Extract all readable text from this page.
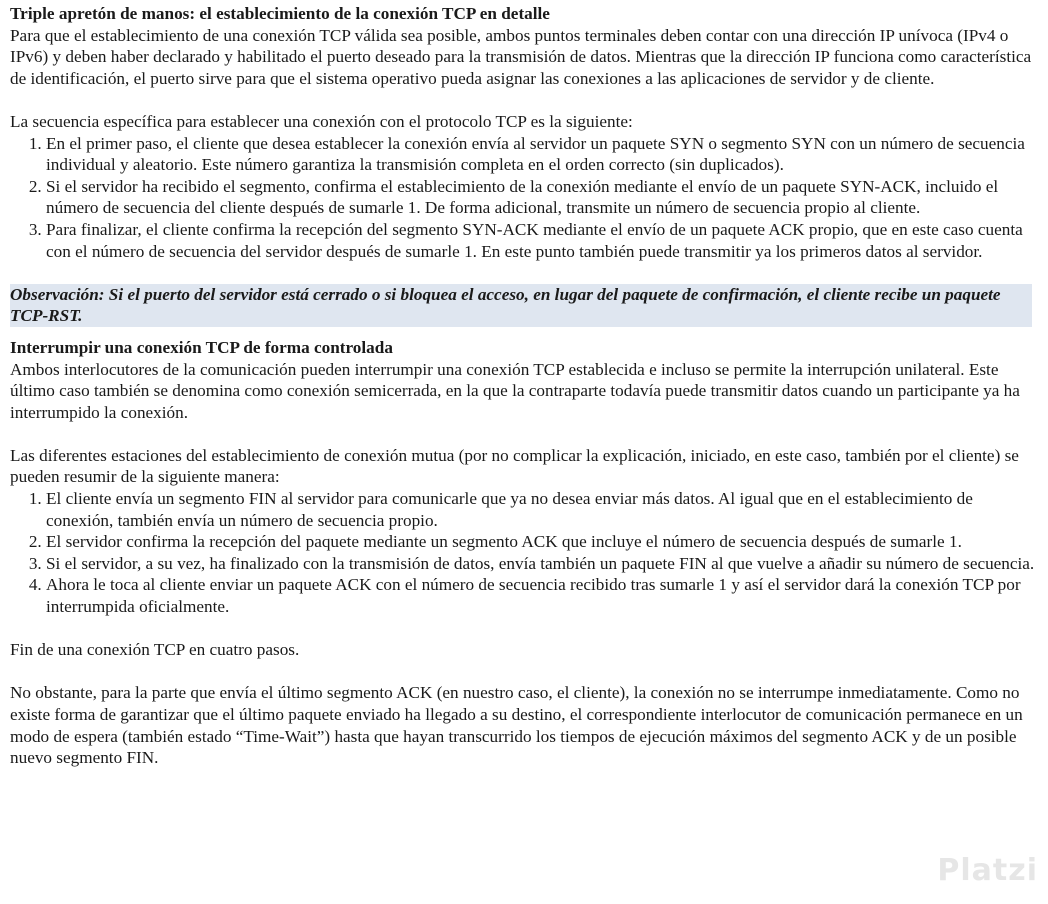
Triple apretón de manos: el establecimiento de la conexión TCP en detalle

Para que el establecimiento de una conexión TCP válida sea posible, ambos puntos terminales deben contar con una dirección IP unívoca (IPv4 o IPv6) y deben haber declarado y habilitado el puerto deseado para la transmisión de datos. Mientras que la dirección IP funciona como característica de identificación, el puerto sirve para que el sistema operativo pueda asignar las conexiones a las aplicaciones de servidor y de cliente.

La secuencia específica para establecer una conexión con el protocolo TCP es la siguiente:

1. En el primer paso, el cliente que desea establecer la conexión envía al servidor un paquete SYN o segmento SYN con un número de secuencia individual y aleatorio. Este número garantiza la transmisión completa en el orden correcto (sin duplicados).
2. Si el servidor ha recibido el segmento, confirma el establecimiento de la conexión mediante el envío de un paquete SYN-ACK, incluido el número de secuencia del cliente después de sumarle 1. De forma adicional, transmite un número de secuencia propio al cliente.
3. Para finalizar, el cliente confirma la recepción del segmento SYN-ACK mediante el envío de un paquete ACK propio, que en este caso cuenta con el número de secuencia del servidor después de sumarle 1. En este punto también puede transmitir ya los primeros datos al servidor.

Observación: Si el puerto del servidor está cerrado o si bloquea el acceso, en lugar del paquete de confirmación, el cliente recibe un paquete TCP-RST.

Interrumpir una conexión TCP de forma controlada

Ambos interlocutores de la comunicación pueden interrumpir una conexión TCP establecida e incluso se permite la interrupción unilateral. Este último caso también se denomina como conexión semicerrada, en la que la contraparte todavía puede transmitir datos cuando un participante ya ha interrumpido la conexión.

Las diferentes estaciones del establecimiento de conexión mutua (por no complicar la explicación, iniciado, en este caso, también por el cliente) se pueden resumir de la siguiente manera:

1. El cliente envía un segmento FIN al servidor para comunicarle que ya no desea enviar más datos. Al igual que en el establecimiento de conexión, también envía un número de secuencia propio.
2. El servidor confirma la recepción del paquete mediante un segmento ACK que incluye el número de secuencia después de sumarle 1.
3. Si el servidor, a su vez, ha finalizado con la transmisión de datos, envía también un paquete FIN al que vuelve a añadir su número de secuencia.
4. Ahora le toca al cliente enviar un paquete ACK con el número de secuencia recibido tras sumarle 1 y así el servidor dará la conexión TCP por interrumpida oficialmente.

Fin de una conexión TCP en cuatro pasos.

No obstante, para la parte que envía el último segmento ACK (en nuestro caso, el cliente), la conexión no se interrumpe inmediatamente. Como no existe forma de garantizar que el último paquete enviado ha llegado a su destino, el correspondiente interlocutor de comunicación permanece en un modo de espera (también estado “Time-Wait”) hasta que hayan transcurrido los tiempos de ejecución máximos del segmento ACK y de un posible nuevo segmento FIN.

Platzi
